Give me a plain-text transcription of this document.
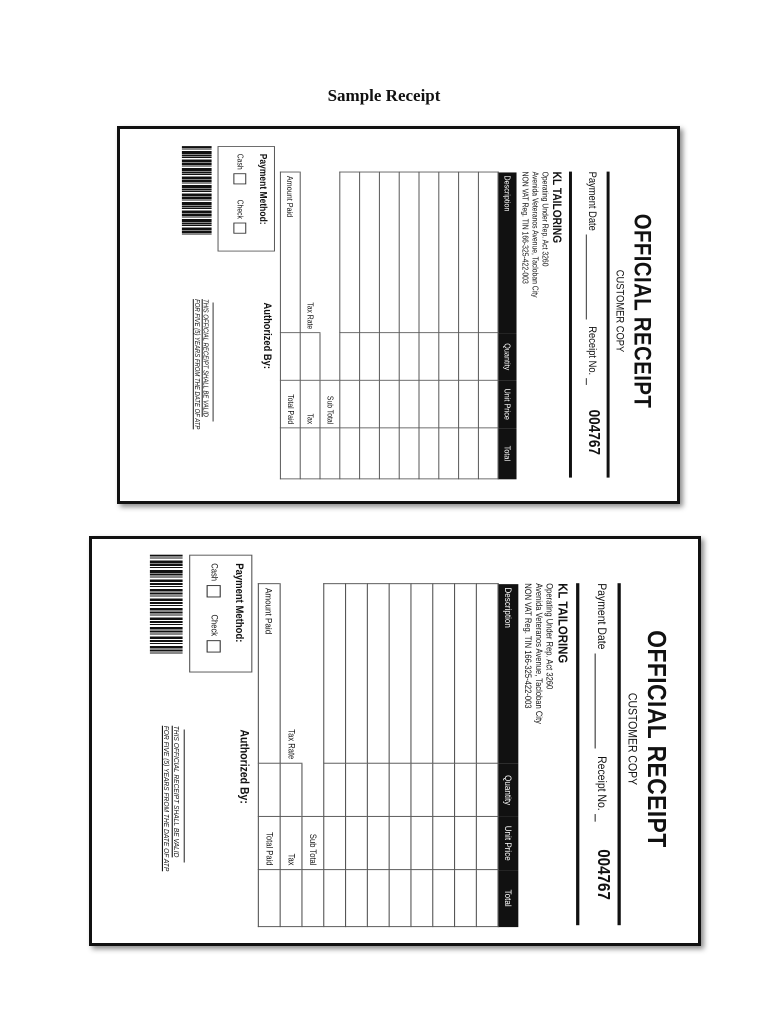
Sample Receipt
OFFICIAL RECEIPT
CUSTOMER COPY
Payment Date
Receipt No.
004767
KL TAILORING
Operating Under Rep. Act 3260
Avenida Veteranos Avenue, Tacloban City
NON VAT Reg. TIN 166-325-422-003
Description	Quantity	Unit Price	Total

		Sub Total	
Tax Rate		Tax	
Amount Paid		Total Paid	
Payment Method:
Cash
Check
Authorized By:
THIS OFFICIAL RECEIPT SHALL BE VALID
FOR FIVE (5) YEARS FROM THE DATE OF ATP
OFFICIAL RECEIPT
CUSTOMER COPY
Payment Date
Receipt No.
004767
KL TAILORING
Operating Under Rep. Act 3260
Avenida Veteranos Avenue, Tacloban City
NON VAT Reg. TIN 166-325-422-003
Description	Quantity	Unit Price	Total

		Sub Total	
Tax Rate		Tax	
Amount Paid		Total Paid	
Payment Method:
Cash
Check
Authorized By:
THIS OFFICIAL RECEIPT SHALL BE VALID
FOR FIVE (5) YEARS FROM THE DATE OF ATP
